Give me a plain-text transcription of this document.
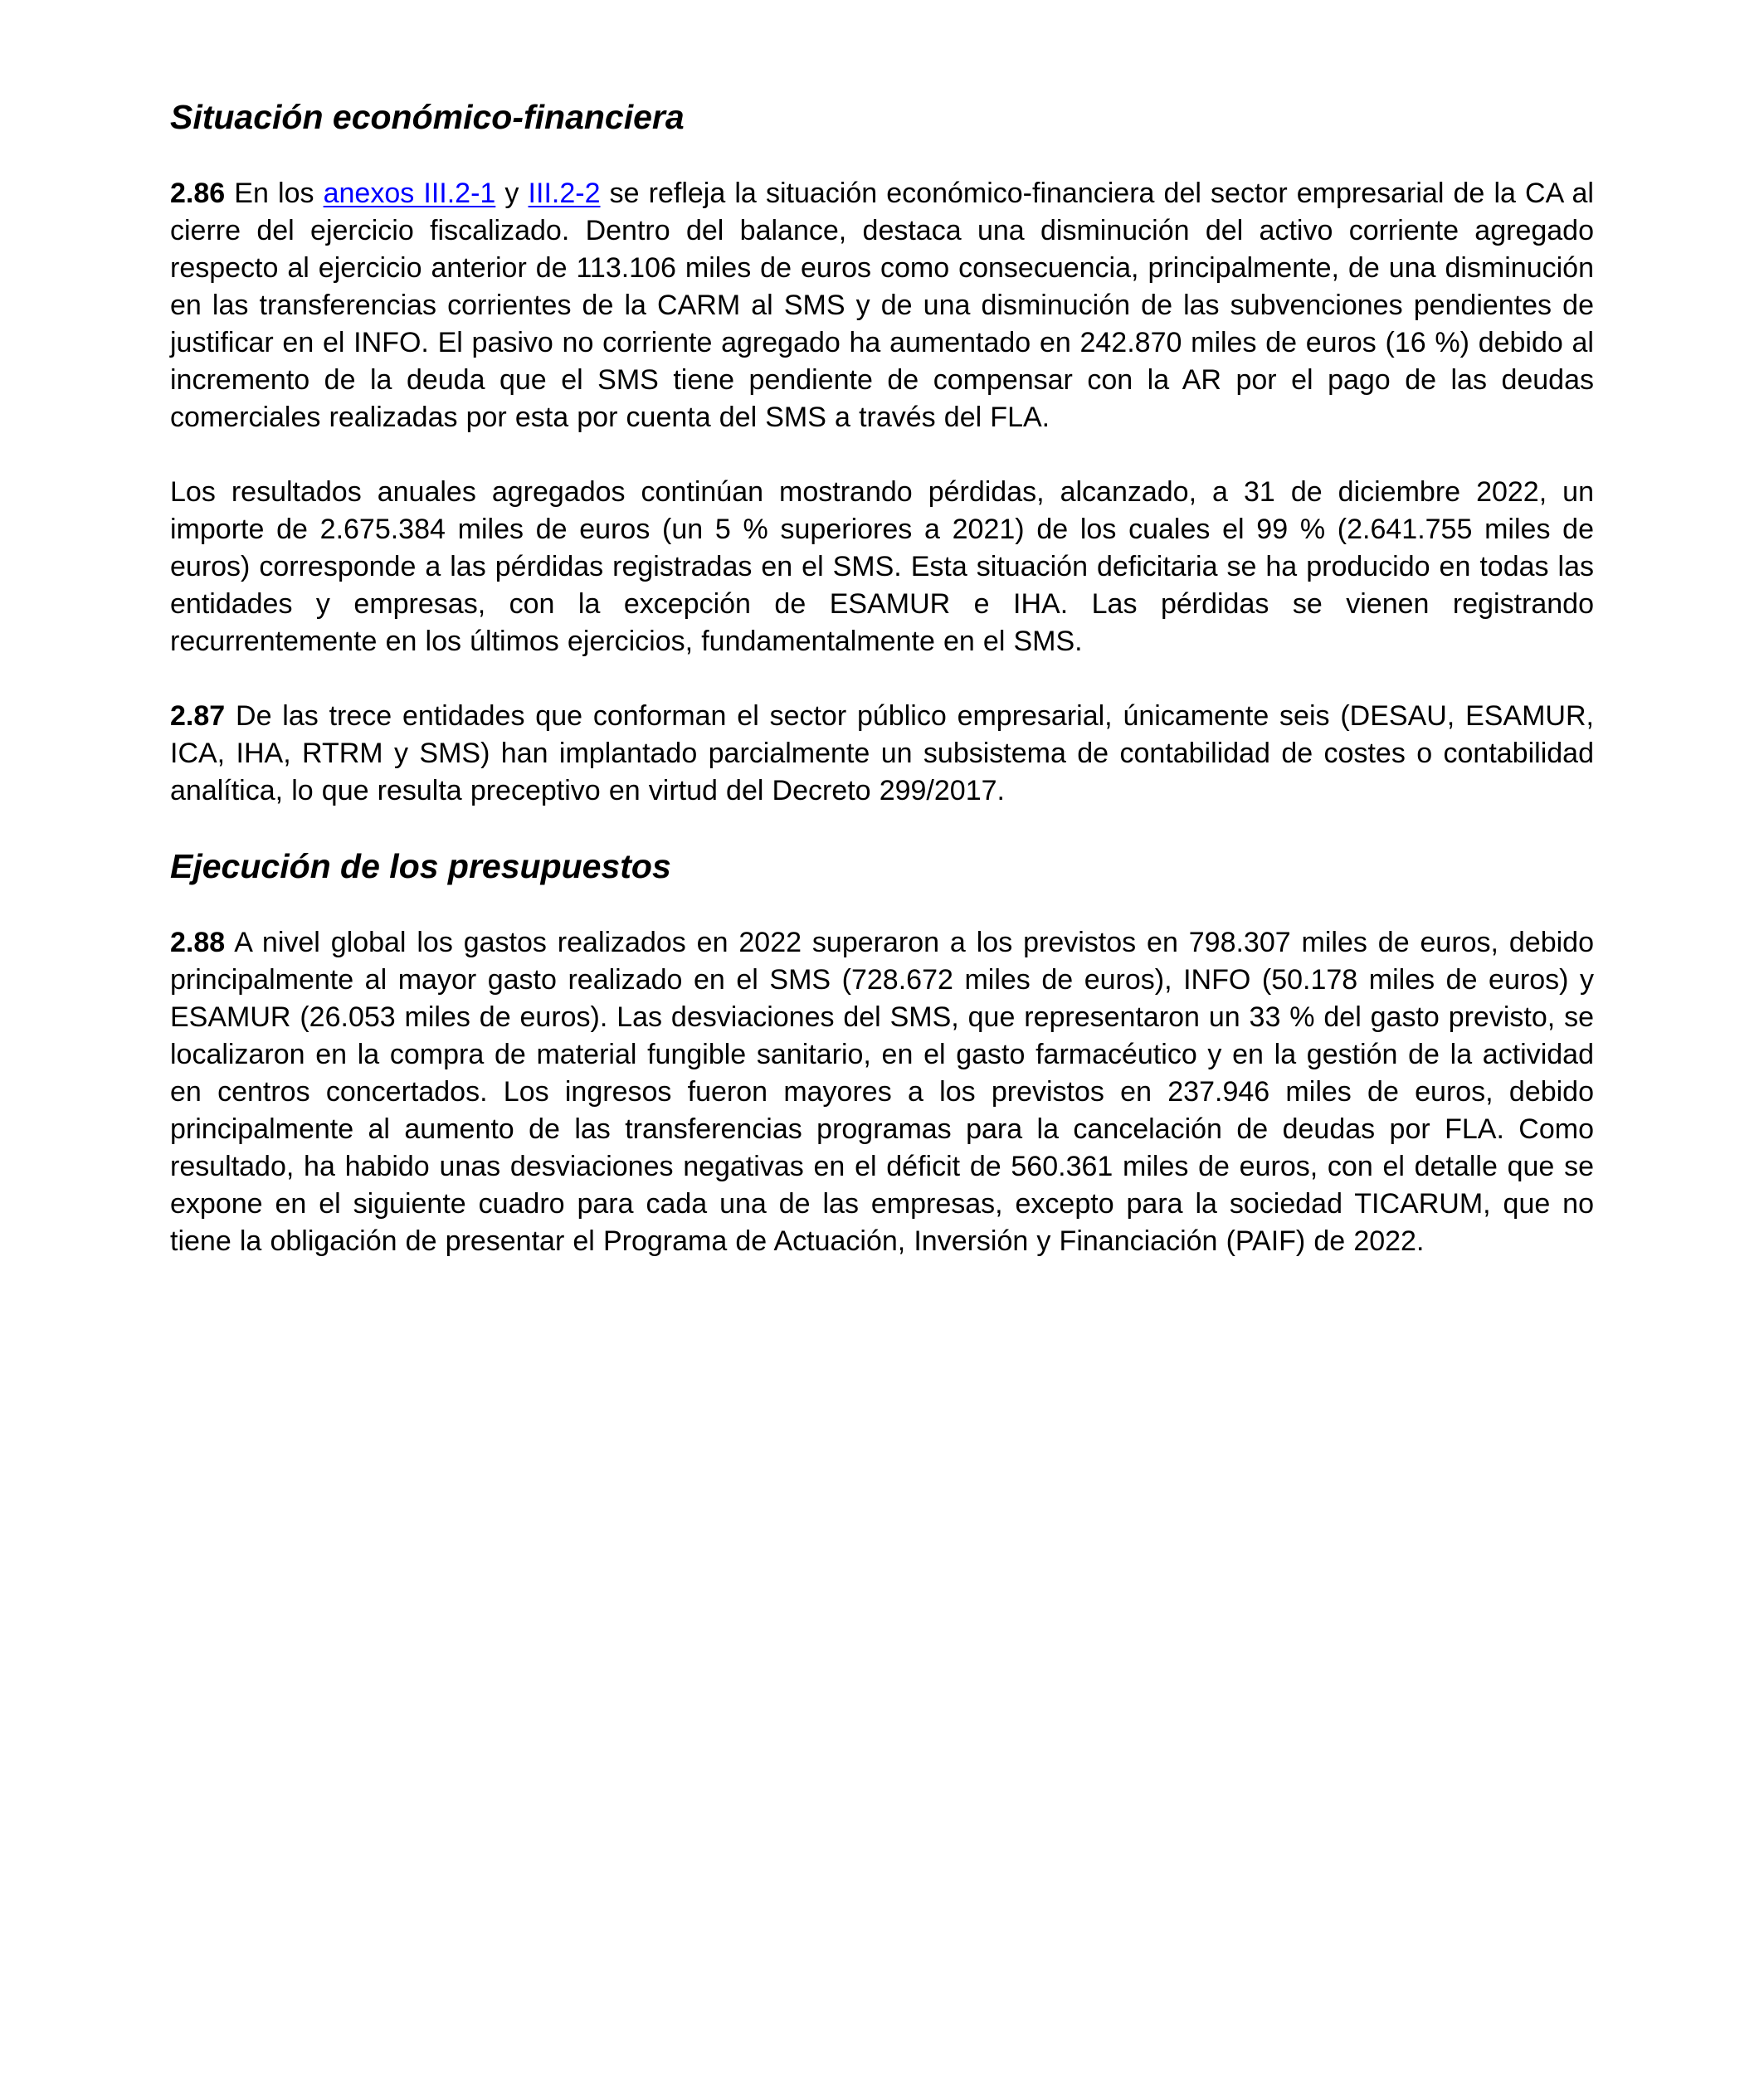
Situación económico-financiera

2.86 En los anexos III.2-1 y III.2-2 se refleja la situación económico-financiera del sector empresarial de la CA al cierre del ejercicio fiscalizado. Dentro del balance, destaca una disminución del activo corriente agregado respecto al ejercicio anterior de 113.106 miles de euros como consecuencia, principalmente, de una disminución en las transferencias corrientes de la CARM al SMS y de una disminución de las subvenciones pendientes de justificar en el INFO. El pasivo no corriente agregado ha aumentado en 242.870 miles de euros (16 %) debido al incremento de la deuda que el SMS tiene pendiente de compensar con la AR por el pago de las deudas comerciales realizadas por esta por cuenta del SMS a través del FLA.

Los resultados anuales agregados continúan mostrando pérdidas, alcanzado, a 31 de diciembre 2022, un importe de 2.675.384 miles de euros (un 5 % superiores a 2021) de los cuales el 99 % (2.641.755 miles de euros) corresponde a las pérdidas registradas en el SMS. Esta situación deficitaria se ha producido en todas las entidades y empresas, con la excepción de ESAMUR e IHA. Las pérdidas se vienen registrando recurrentemente en los últimos ejercicios, fundamentalmente en el SMS.

2.87 De las trece entidades que conforman el sector público empresarial, únicamente seis (DESAU, ESAMUR, ICA, IHA, RTRM y SMS) han implantado parcialmente un subsistema de contabilidad de costes o contabilidad analítica, lo que resulta preceptivo en virtud del Decreto 299/2017.

Ejecución de los presupuestos

2.88 A nivel global los gastos realizados en 2022 superaron a los previstos en 798.307 miles de euros, debido principalmente al mayor gasto realizado en el SMS (728.672 miles de euros), INFO (50.178 miles de euros) y ESAMUR (26.053 miles de euros). Las desviaciones del SMS, que representaron un 33 % del gasto previsto, se localizaron en la compra de material fungible sanitario, en el gasto farmacéutico y en la gestión de la actividad en centros concertados. Los ingresos fueron mayores a los previstos en 237.946 miles de euros, debido principalmente al aumento de las transferencias programas para la cancelación de deudas por FLA. Como resultado, ha habido unas desviaciones negativas en el déficit de 560.361 miles de euros, con el detalle que se expone en el siguiente cuadro para cada una de las empresas, excepto para la sociedad TICARUM, que no tiene la obligación de presentar el Programa de Actuación, Inversión y Financiación (PAIF) de 2022.
